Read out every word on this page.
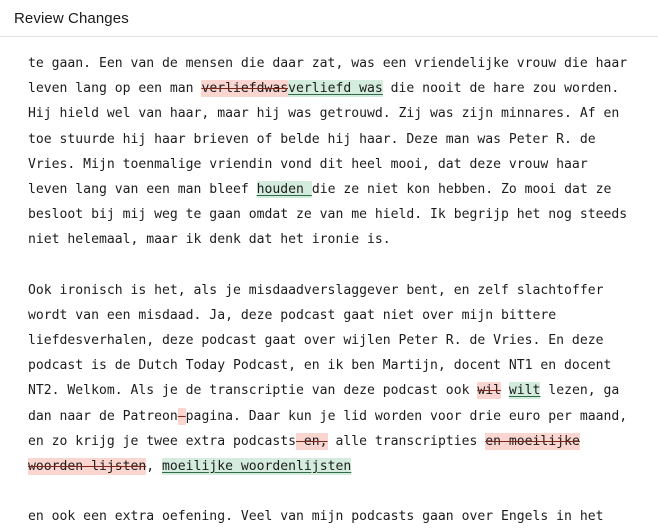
Review Changes

te gaan. Een van de mensen die daar zat, was een vriendelijke vrouw die haar leven lang op een man verliefdwasverliefd was die nooit de hare zou worden. Hij hield wel van haar, maar hij was getrouwd. Zij was zijn minnares. Af en toe stuurde hij haar brieven of belde hij haar. Deze man was Peter R. de Vries. Mijn toenmalige vriendin vond dit heel mooi, dat deze vrouw haar leven lang van een man bleef houden die ze niet kon hebben. Zo mooi dat ze besloot bij mij weg te gaan omdat ze van me hield. Ik begrijp het nog steeds niet helemaal, maar ik denk dat het ironie is.

Ook ironisch is het, als je misdaadverslaggever bent, en zelf slachtoffer wordt van een misdaad. Ja, deze podcast gaat niet over mijn bittere liefdesverhalen, deze podcast gaat over wijlen Peter R. de Vries. En deze podcast is de Dutch Today Podcast, en ik ben Martijn, docent NT1 en docent NT2. Welkom. Als je de transcriptie van deze podcast ook wil wilt lezen, ga dan naar de Patreon-pagina. Daar kun je lid worden voor drie euro per maand, en zo krijg je twee extra podcasts en, alle transcripties en moeilijke woorden lijsten, moeilijke woordenlijsten

en ook een extra oefening. Veel van mijn podcasts gaan over Engels in het
